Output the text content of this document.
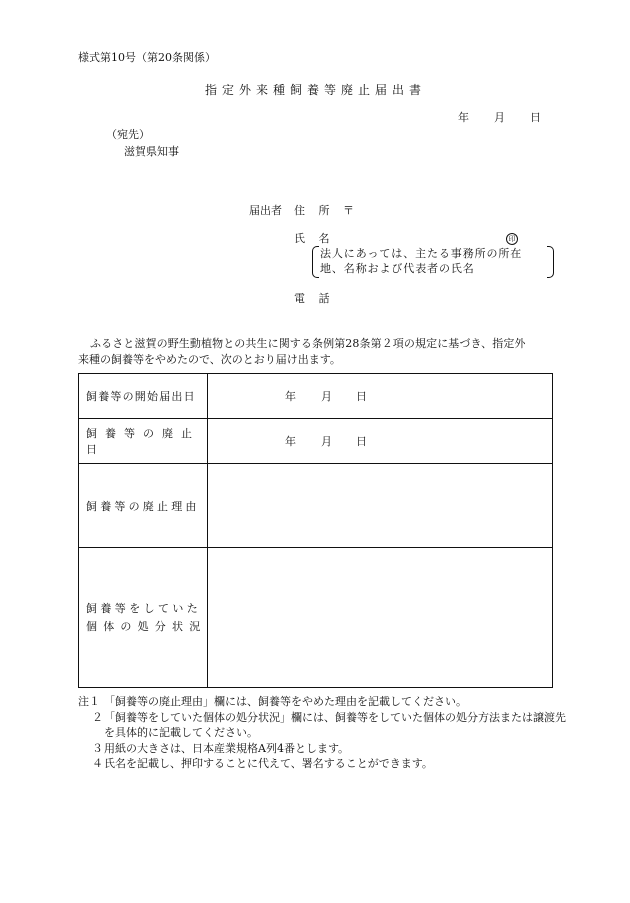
様式第10号（第20条関係）
指定外来種飼養等廃止届出書
年 月 日
（宛先）
滋賀県知事
届出者 住 所 〒
氏 名	印
法人にあっては、主たる事務所の所在
地、名称および代表者の氏名
電 話
ふるさと滋賀の野生動植物との共生に関する条例第28条第２項の規定に基づき、指定外
来種の飼養等をやめたので、次のとおり届け出ます。
飼養等の開始届出日	年 月 日

飼養等の廃止日	年 月 日

飼養等の廃止理由	

飼養等をしていた
個体の処分状況	

注１ 「飼養等の廃止理由」欄には、飼養等をやめた理由を記載してください。
２ 「飼養等をしていた個体の処分状況」欄には、飼養等をしていた個体の処分方法または譲渡先を具体的に記載してください。
３ 用紙の大きさは、日本産業規格A列4番とします。
４ 氏名を記載し、押印することに代えて、署名することができます。
